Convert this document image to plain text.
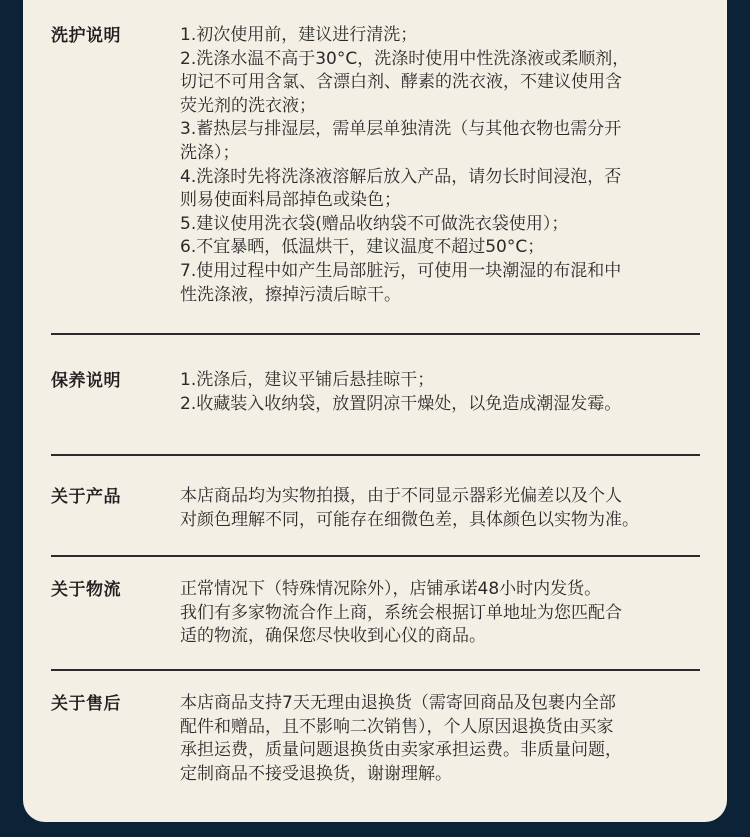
洗护说明	1.初次使用前，建议进行清洗；
2.洗涤水温不高于30°C，洗涤时使用中性洗涤液或柔顺剂，
切记不可用含氯、含漂白剂、酵素的洗衣液，不建议使用含
荧光剂的洗衣液；
3.蓄热层与排湿层，需单层单独清洗（与其他衣物也需分开
洗涤）；
4.洗涤时先将洗涤液溶解后放入产品，请勿长时间浸泡，否
则易使面料局部掉色或染色；
5.建议使用洗衣袋(赠品收纳袋不可做洗衣袋使用）；
6.不宜暴晒，低温烘干，建议温度不超过50°C；
7.使用过程中如产生局部脏污，可使用一块潮湿的布混和中
性洗涤液，擦掉污渍后晾干。
保养说明	1.洗涤后，建议平铺后悬挂晾干；
2.收藏装入收纳袋，放置阴凉干燥处，以免造成潮湿发霉。
关于产品	本店商品均为实物拍摄，由于不同显示器彩光偏差以及个人
对颜色理解不同，可能存在细微色差，具体颜色以实物为准。
关于物流	正常情况下（特殊情况除外），店铺承诺48小时内发货。
我们有多家物流合作上商，系统会根据订单地址为您匹配合
适的物流，确保您尽快收到心仪的商品。
关于售后	本店商品支持7天无理由退换货（需寄回商品及包裹内全部
配件和赠品，且不影响二次销售），个人原因退换货由买家
承担运费，质量问题退换货由卖家承担运费。非质量问题，
定制商品不接受退换货，谢谢理解。
